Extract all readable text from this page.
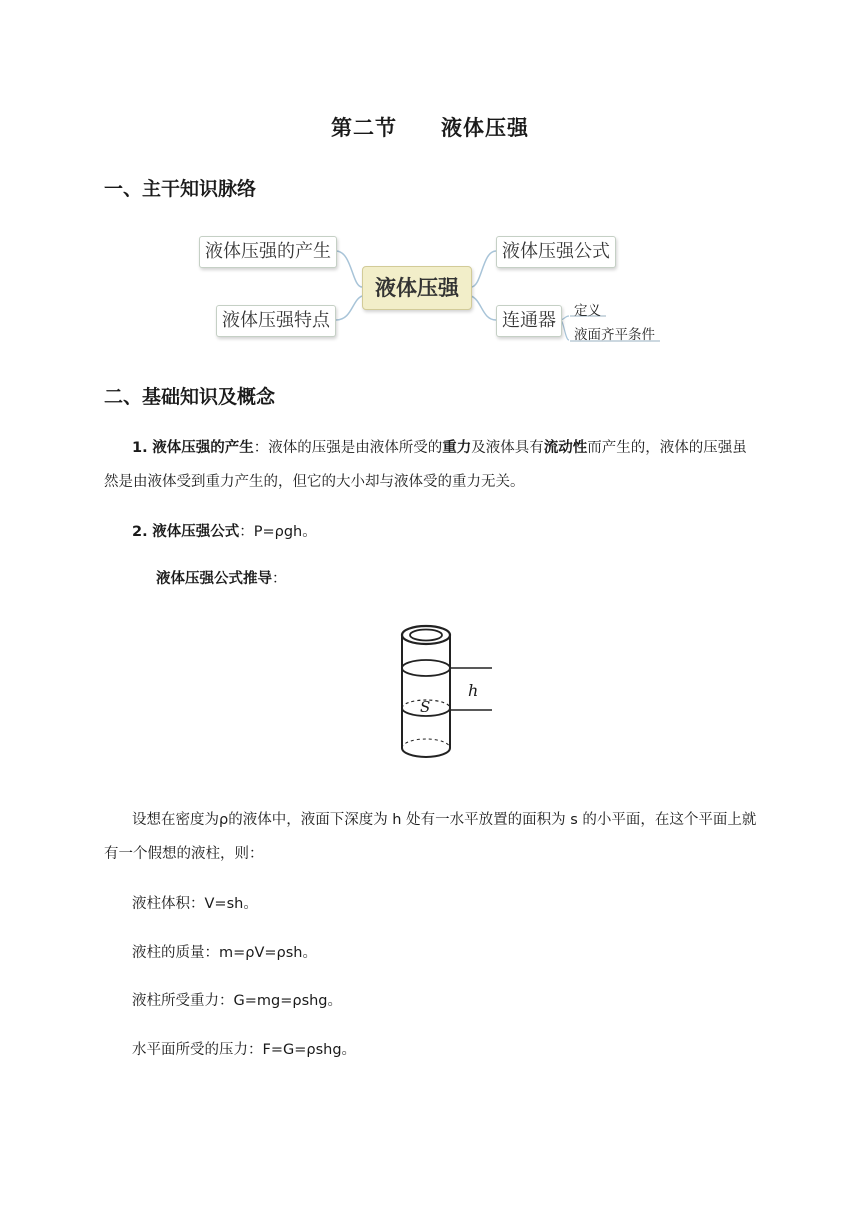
第二节 液体压强
一、主干知识脉络
液体压强
液体压强的产生
液体压强特点
液体压强公式
连通器	定义
液面齐平条件
二、基础知识及概念
1. 液体压强的产生：液体的压强是由液体所受的重力及液体具有流动性而产生的，液体的压强虽然是由液体受到重力产生的，但它的大小却与液体受的重力无关。
2. 液体压强公式：P=ρgh。
液体压强公式推导：
h
S
设想在密度为ρ的液体中，液面下深度为 h 处有一水平放置的面积为 s 的小平面，在这个平面上就有一个假想的液柱，则：
液柱体积：V=sh。
液柱的质量：m=ρV=ρsh。
液柱所受重力：G=mg=ρshg。
水平面所受的压力：F=G=ρshg。
